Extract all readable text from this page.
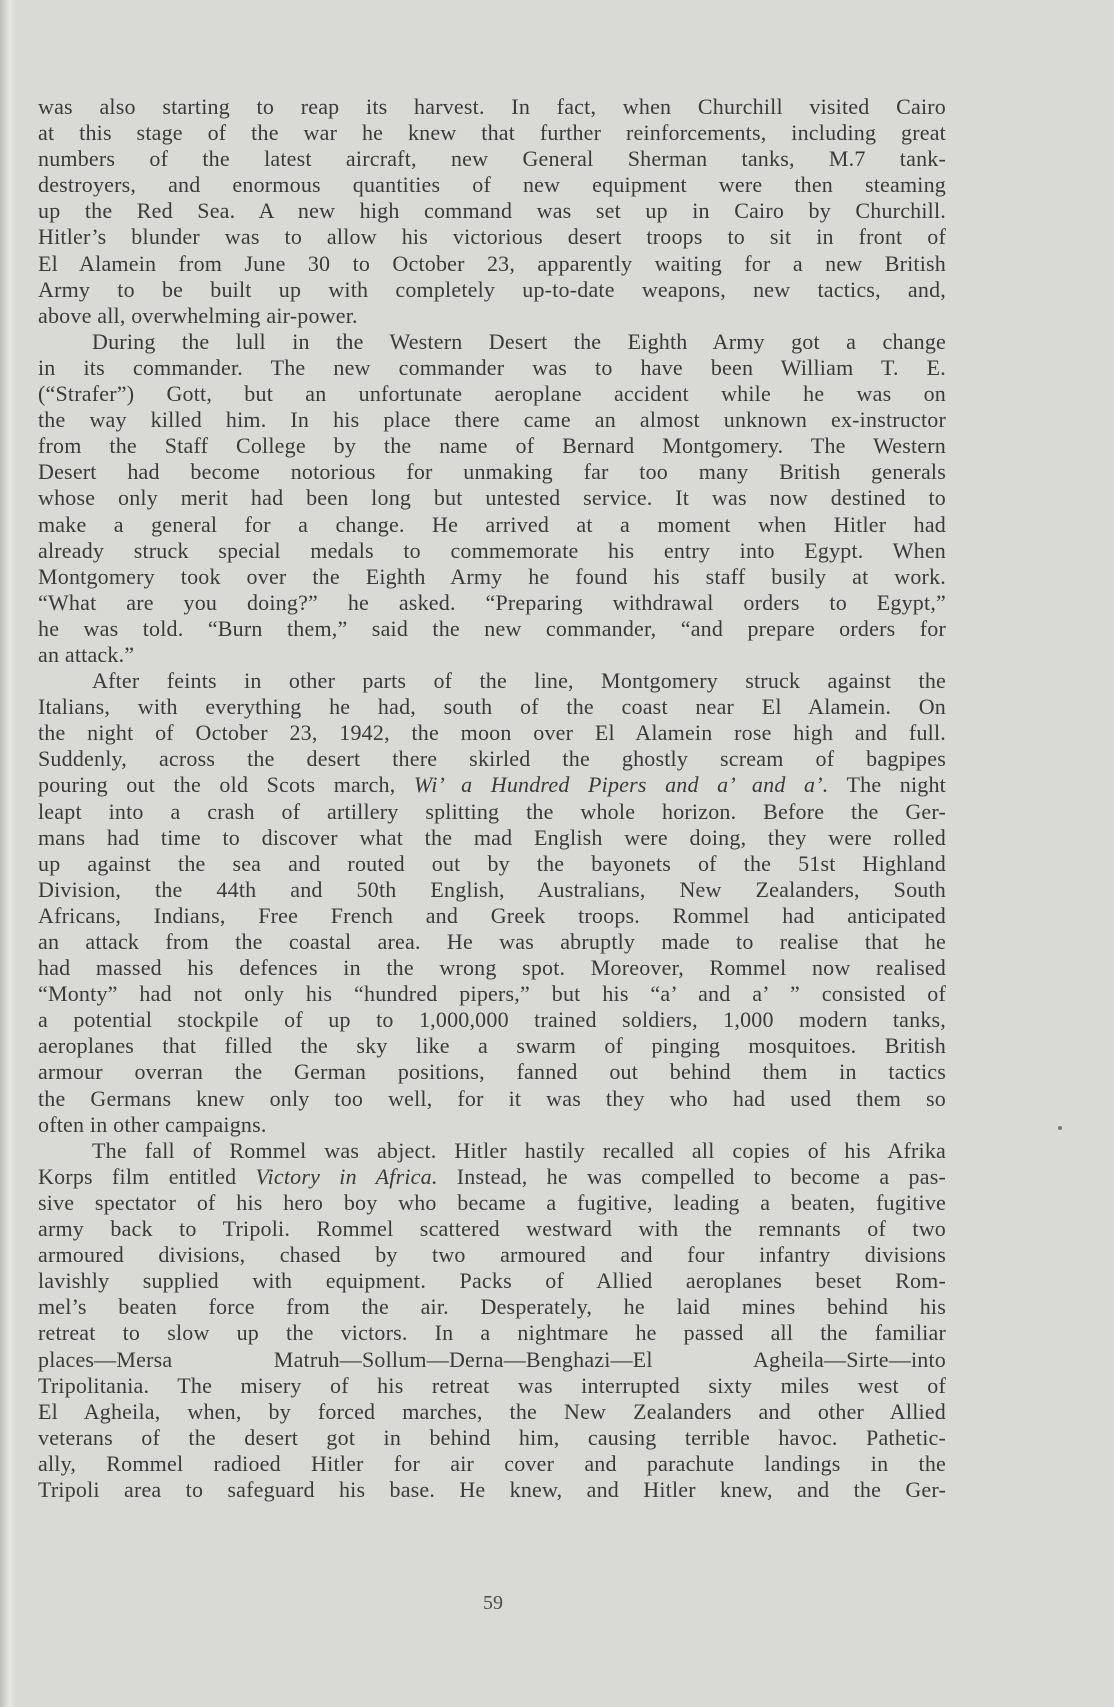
was also starting to reap its harvest. In fact, when Churchill visited Cairo
at this stage of the war he knew that further reinforcements, including great
numbers of the latest aircraft, new General Sherman tanks, M.7 tank-
destroyers, and enormous quantities of new equipment were then steaming
up the Red Sea. A new high command was set up in Cairo by Churchill.
Hitler’s blunder was to allow his victorious desert troops to sit in front of
El Alamein from June 30 to October 23, apparently waiting for a new British
Army to be built up with completely up-to-date weapons, new tactics, and,
above all, overwhelming air-power.
During the lull in the Western Desert the Eighth Army got a change
in its commander. The new commander was to have been William T. E.
(“Strafer”) Gott, but an unfortunate aeroplane accident while he was on
the way killed him. In his place there came an almost unknown ex-instructor
from the Staff College by the name of Bernard Montgomery. The Western
Desert had become notorious for unmaking far too many British generals
whose only merit had been long but untested service. It was now destined to
make a general for a change. He arrived at a moment when Hitler had
already struck special medals to commemorate his entry into Egypt. When
Montgomery took over the Eighth Army he found his staff busily at work.
“What are you doing?” he asked. “Preparing withdrawal orders to Egypt,”
he was told. “Burn them,” said the new commander, “and prepare orders for
an attack.”
After feints in other parts of the line, Montgomery struck against the
Italians, with everything he had, south of the coast near El Alamein. On
the night of October 23, 1942, the moon over El Alamein rose high and full.
Suddenly, across the desert there skirled the ghostly scream of bagpipes
pouring out the old Scots march, Wi’ a Hundred Pipers and a’ and a’. The night
leapt into a crash of artillery splitting the whole horizon. Before the Ger-
mans had time to discover what the mad English were doing, they were rolled
up against the sea and routed out by the bayonets of the 51st Highland
Division, the 44th and 50th English, Australians, New Zealanders, South
Africans, Indians, Free French and Greek troops. Rommel had anticipated
an attack from the coastal area. He was abruptly made to realise that he
had massed his defences in the wrong spot. Moreover, Rommel now realised
“Monty” had not only his “hundred pipers,” but his “a’ and a’ ” consisted of
a potential stockpile of up to 1,000,000 trained soldiers, 1,000 modern tanks,
aeroplanes that filled the sky like a swarm of pinging mosquitoes. British
armour overran the German positions, fanned out behind them in tactics
the Germans knew only too well, for it was they who had used them so
often in other campaigns.
The fall of Rommel was abject. Hitler hastily recalled all copies of his Afrika
Korps film entitled Victory in Africa. Instead, he was compelled to become a pas-
sive spectator of his hero boy who became a fugitive, leading a beaten, fugitive
army back to Tripoli. Rommel scattered westward with the remnants of two
armoured divisions, chased by two armoured and four infantry divisions
lavishly supplied with equipment. Packs of Allied aeroplanes beset Rom-
mel’s beaten force from the air. Desperately, he laid mines behind his
retreat to slow up the victors. In a nightmare he passed all the familiar
places—Mersa Matruh—Sollum—Derna—Benghazi—El Agheila—Sirte—into
Tripolitania. The misery of his retreat was interrupted sixty miles west of
El Agheila, when, by forced marches, the New Zealanders and other Allied
veterans of the desert got in behind him, causing terrible havoc. Pathetic-
ally, Rommel radioed Hitler for air cover and parachute landings in the
Tripoli area to safeguard his base. He knew, and Hitler knew, and the Ger-
59
